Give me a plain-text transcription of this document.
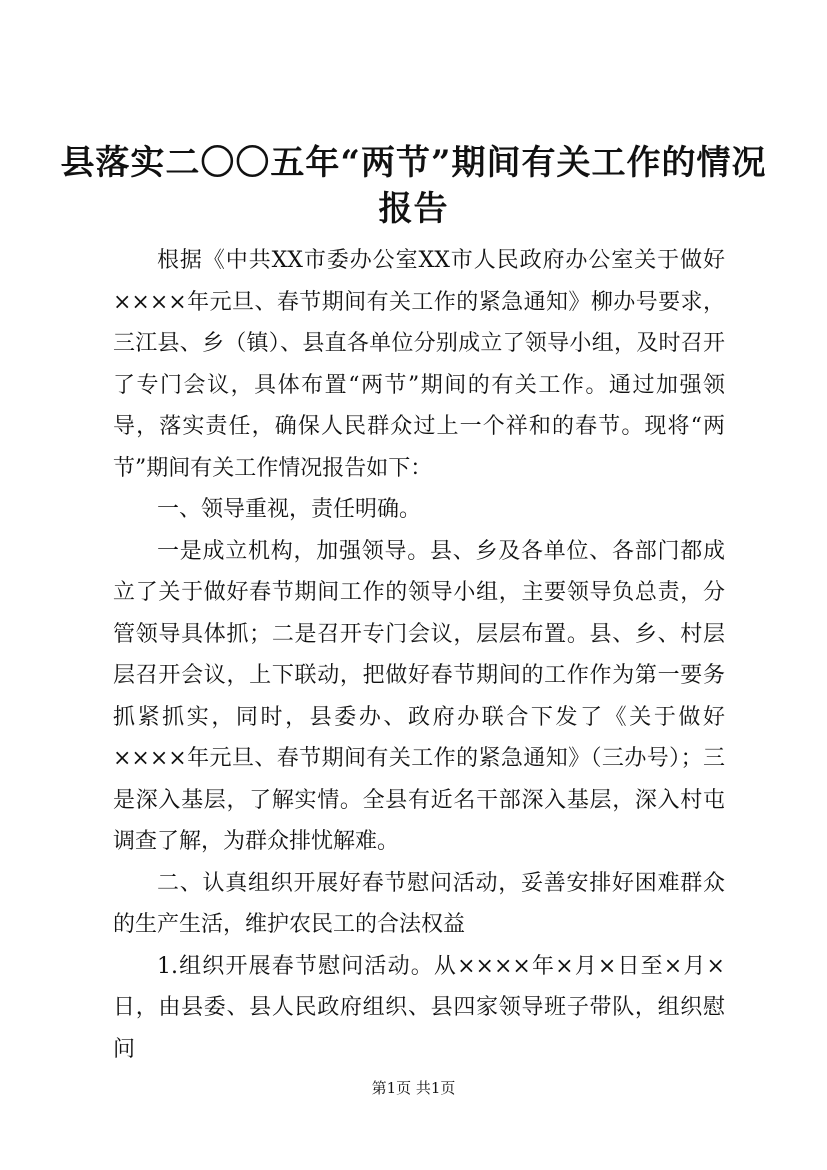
县落实二〇〇五年“两节”期间有关工作的情况报告

根据《中共XX市委办公室XX市人民政府办公室关于做好××××年元旦、春节期间有关工作的紧急通知》柳办号要求，三江县、乡（镇）、县直各单位分别成立了领导小组，及时召开了专门会议，具体布置“两节”期间的有关工作。通过加强领导，落实责任，确保人民群众过上一个祥和的春节。现将“两节”期间有关工作情况报告如下：

一、领导重视，责任明确。

一是成立机构，加强领导。县、乡及各单位、各部门都成立了关于做好春节期间工作的领导小组，主要领导负总责，分管领导具体抓；二是召开专门会议，层层布置。县、乡、村层层召开会议，上下联动，把做好春节期间的工作作为第一要务抓紧抓实，同时，县委办、政府办联合下发了《关于做好××××年元旦、春节期间有关工作的紧急通知》（三办号）；三是深入基层，了解实情。全县有近名干部深入基层，深入村屯调查了解，为群众排忧解难。

二、认真组织开展好春节慰问活动，妥善安排好困难群众的生产生活，维护农民工的合法权益

1.组织开展春节慰问活动。从××××年×月×日至×月×日，由县委、县人民政府组织、县四家领导班子带队，组织慰问

第1页 共1页
